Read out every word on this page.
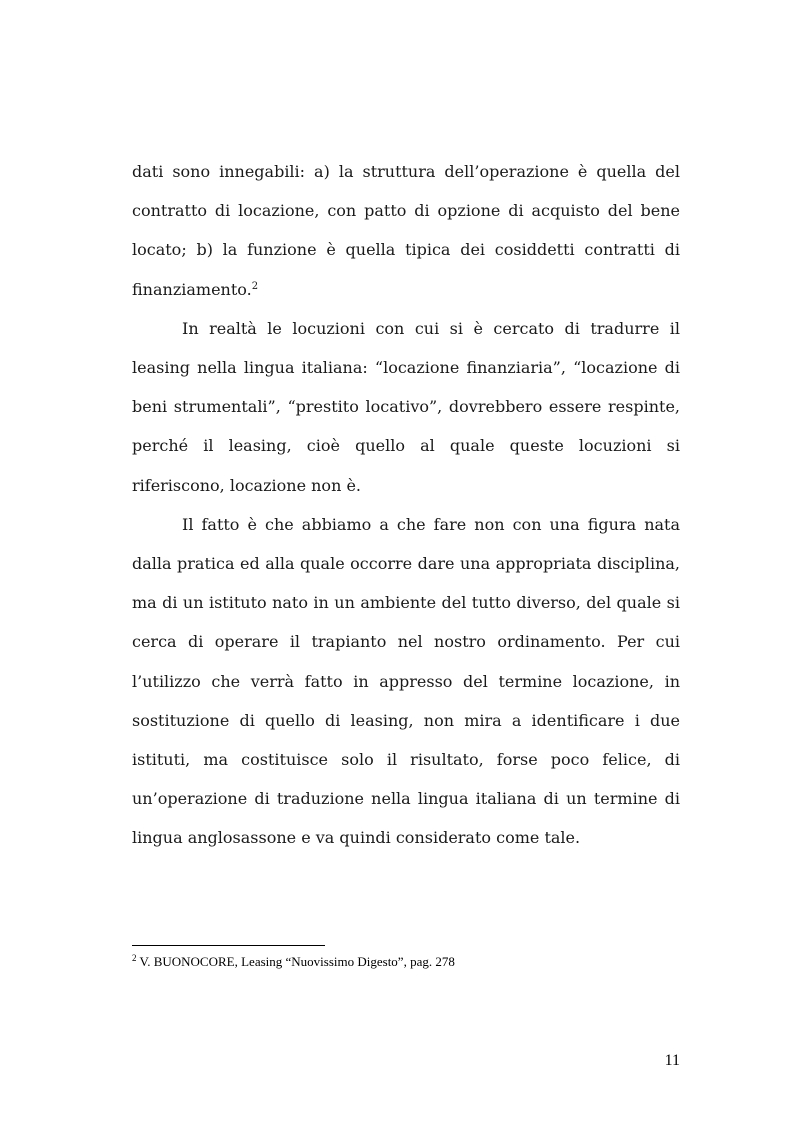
dati sono innegabili: a) la struttura dell’operazione è quella del contratto di locazione, con patto di opzione di acquisto del bene locato; b) la funzione è quella tipica dei cosiddetti contratti di finanziamento.$^2$

In realtà le locuzioni con cui si è cercato di tradurre il leasing nella lingua italiana: “locazione finanziaria”, “locazione di beni strumentali”, “prestito locativo”, dovrebbero essere respinte, perché il leasing, cioè quello al quale queste locuzioni si riferiscono, locazione non è.

Il fatto è che abbiamo a che fare non con una figura nata dalla pratica ed alla quale occorre dare una appropriata disciplina, ma di un istituto nato in un ambiente del tutto diverso, del quale si cerca di operare il trapianto nel nostro ordinamento. Per cui l’utilizzo che verrà fatto in appresso del termine locazione, in sostituzione di quello di leasing, non mira a identificare i due istituti, ma costituisce solo il risultato, forse poco felice, di un’operazione di traduzione nella lingua italiana di un termine di lingua anglosassone e va quindi considerato come tale.

$^2$ V. BUONOCORE, Leasing “Nuovissimo Digesto”, pag. 278
11
